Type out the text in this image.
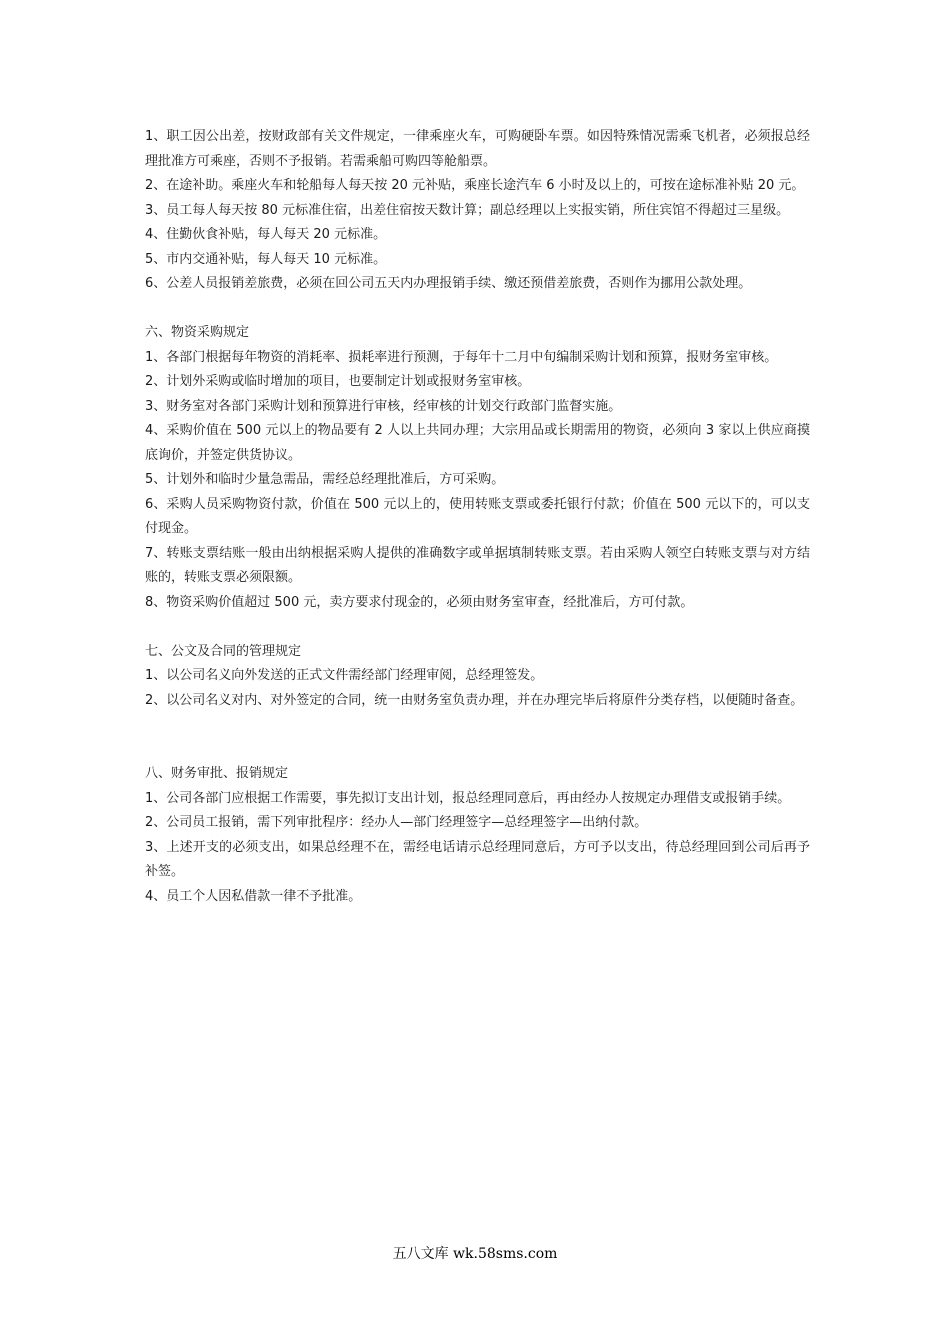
1、职工因公出差，按财政部有关文件规定，一律乘座火车，可购硬卧车票。如因特殊情况需乘飞机者，必须报总经理批准方可乘座，否则不予报销。若需乘船可购四等舱船票。

2、在途补助。乘座火车和轮船每人每天按 20 元补贴，乘座长途汽车 6 小时及以上的，可按在途标准补贴 20 元。

3、员工每人每天按 80 元标准住宿，出差住宿按天数计算；副总经理以上实报实销，所住宾馆不得超过三星级。

4、住勤伙食补贴，每人每天 20 元标准。

5、市内交通补贴，每人每天 10 元标准。

6、公差人员报销差旅费，必须在回公司五天内办理报销手续、缴还预借差旅费，否则作为挪用公款处理。

六、物资采购规定

1、各部门根据每年物资的消耗率、损耗率进行预测，于每年十二月中旬编制采购计划和预算，报财务室审核。

2、计划外采购或临时增加的项目，也要制定计划或报财务室审核。

3、财务室对各部门采购计划和预算进行审核，经审核的计划交行政部门监督实施。

4、采购价值在 500 元以上的物品要有 2 人以上共同办理；大宗用品或长期需用的物资，必须向 3 家以上供应商摸底询价，并签定供货协议。

5、计划外和临时少量急需品，需经总经理批准后，方可采购。

6、采购人员采购物资付款，价值在 500 元以上的，使用转账支票或委托银行付款；价值在 500 元以下的，可以支付现金。

7、转账支票结账一般由出纳根据采购人提供的准确数字或单据填制转账支票。若由采购人领空白转账支票与对方结账的，转账支票必须限额。

8、物资采购价值超过 500 元，卖方要求付现金的，必须由财务室审查，经批准后，方可付款。

七、公文及合同的管理规定

1、以公司名义向外发送的正式文件需经部门经理审阅，总经理签发。

2、以公司名义对内、对外签定的合同，统一由财务室负责办理，并在办理完毕后将原件分类存档，以便随时备查。

八、财务审批、报销规定

1、公司各部门应根据工作需要，事先拟订支出计划，报总经理同意后，再由经办人按规定办理借支或报销手续。

2、公司员工报销，需下列审批程序：经办人—部门经理签字—总经理签字—出纳付款。

3、上述开支的必须支出，如果总经理不在，需经电话请示总经理同意后，方可予以支出，待总经理回到公司后再予补签。

4、员工个人因私借款一律不予批准。

五八文库 wk.58sms.com
